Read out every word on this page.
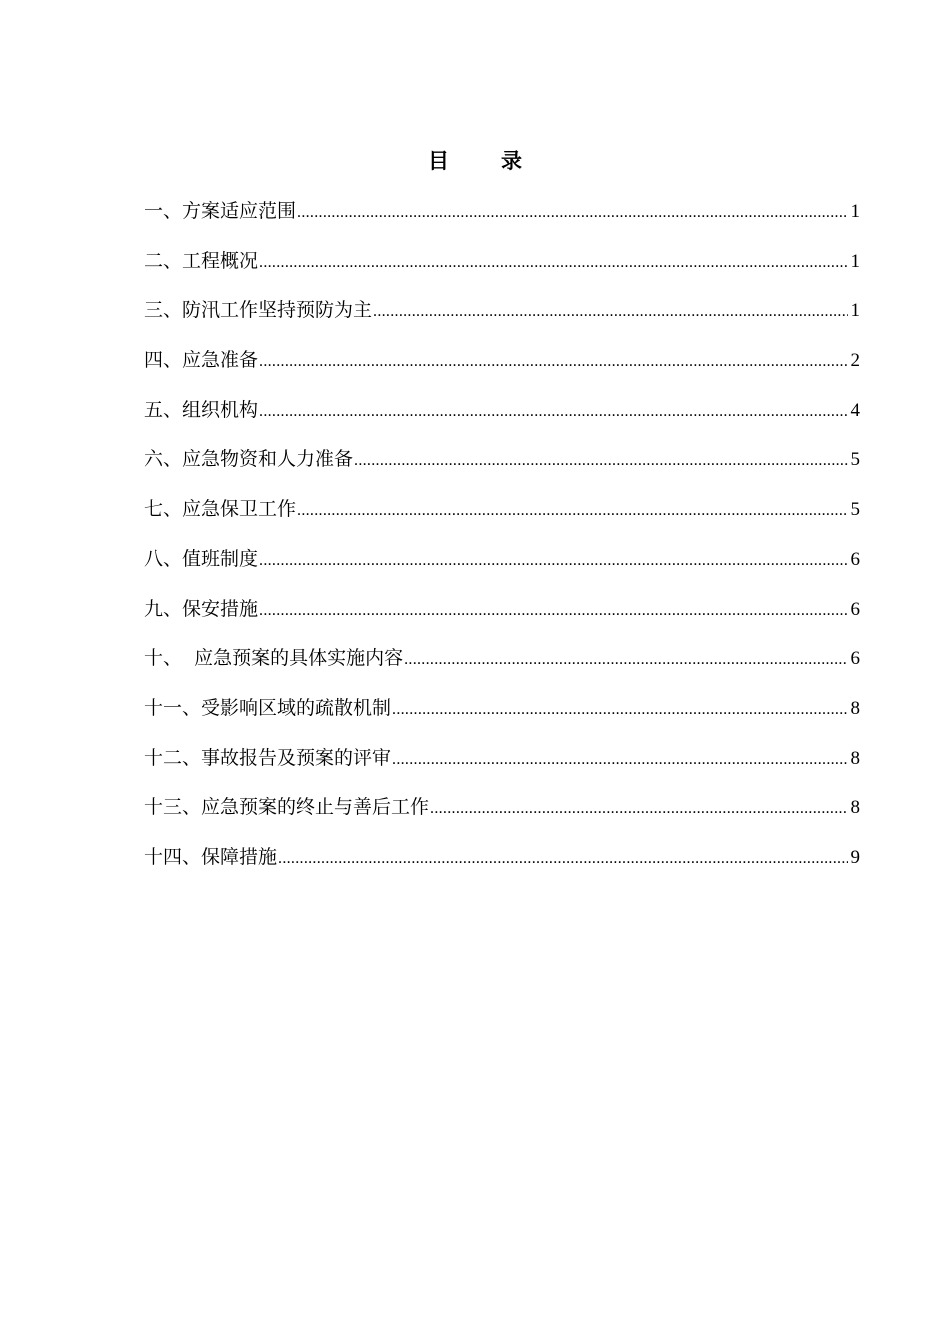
目 录
一、方案适应范围 .....	1
二、工程概况 .....	1
三、防汛工作坚持预防为主 .....	1
四、应急准备 .....	2
五、组织机构 .....	4
六、应急物资和人力准备 .....	5
七、应急保卫工作 .....	5
八、值班制度 .....	6
九、保安措施 .....	6
十、  应急预案的具体实施内容 .....	6
十一、受影响区域的疏散机制 .....	8
十二、事故报告及预案的评审 .....	8
十三、应急预案的终止与善后工作 .....	8
十四、保障措施 .....	9
